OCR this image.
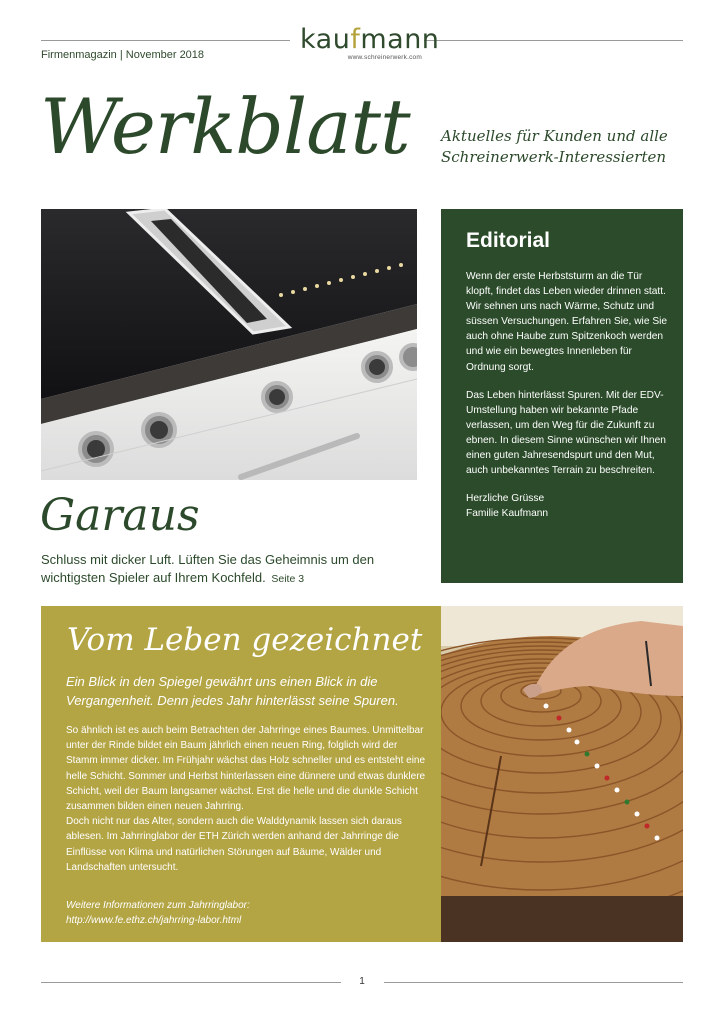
kaufmann
www.schreinerwerk.com
Firmenmagazin | November 2018
Werkblatt Aktuelles für Kunden und alle
Schreinerwerk-Interessierten
Editorial

Wenn der erste Herbststurm an die Tür klopft, findet das Leben wieder drinnen statt. Wir sehnen uns nach Wärme, Schutz und süssen Versuchungen. Erfahren Sie, wie Sie auch ohne Haube zum Spitzenkoch werden und wie ein bewegtes Innenleben für Ordnung sorgt.

Das Leben hinterlässt Spuren. Mit der EDV-Umstellung haben wir bekannte Pfade verlassen, um den Weg für die Zukunft zu ebnen. In diesem Sinne wünschen wir Ihnen einen guten Jahresendspurt und den Mut, auch unbekanntes Terrain zu beschreiten.

Herzliche Grüsse
Familie Kaufmann
Garaus
Schluss mit dicker Luft. Lüften Sie das Geheimnis um den wichtigsten Spieler auf Ihrem Kochfeld. Seite 3
Vom Leben gezeichnet
Ein Blick in den Spiegel gewährt uns einen Blick in die Vergangenheit. Denn jedes Jahr hinterlässt seine Spuren.
So ähnlich ist es auch beim Betrachten der Jahrringe eines Baumes. Unmittelbar unter der Rinde bildet ein Baum jährlich einen neuen Ring, folglich wird der Stamm immer dicker. Im Frühjahr wächst das Holz schneller und es entsteht eine helle Schicht. Sommer und Herbst hinterlassen eine dünnere und etwas dunklere Schicht, weil der Baum langsamer wächst. Erst die helle und die dunkle Schicht zusammen bilden einen neuen Jahrring.
Doch nicht nur das Alter, sondern auch die Walddynamik lassen sich daraus ablesen. Im Jahrringlabor der ETH Zürich werden anhand der Jahrringe die Einflüsse von Klima und natürlichen Störungen auf Bäume, Wälder und Landschaften untersucht.
Weitere Informationen zum Jahrringlabor:
http://www.fe.ethz.ch/jahrring-labor.html
1
